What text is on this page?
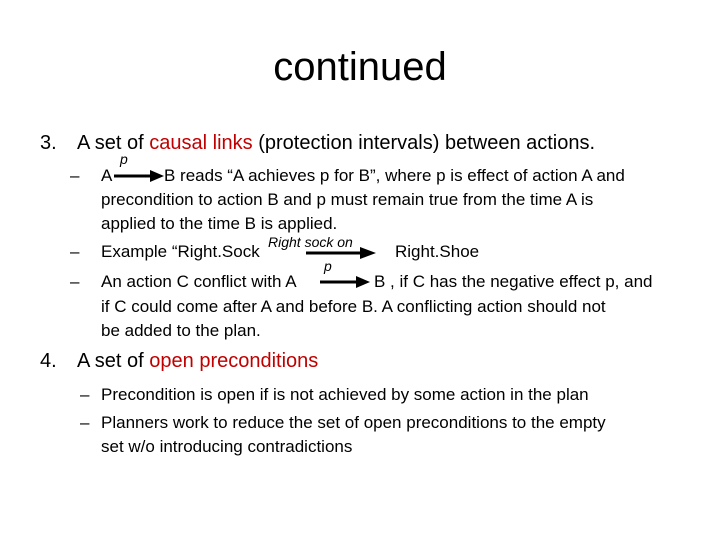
continued
3. A set of causal links (protection intervals) between actions.
p
– A	B reads “A achieves p for B”, where p is effect of action A and
precondition to action B and p must remain true from the time A is
applied to the time B is applied.
– Example “Right.Sock Right sock on Right.Shoe
p
– An action C conflict with A	B , if C has the negative effect p, and
if C could come after A and before B. A conflicting action should not
be added to the plan.
4. A set of open preconditions
– Precondition is open if is not achieved by some action in the plan
– Planners work to reduce the set of open preconditions to the empty
set w/o introducing contradictions
